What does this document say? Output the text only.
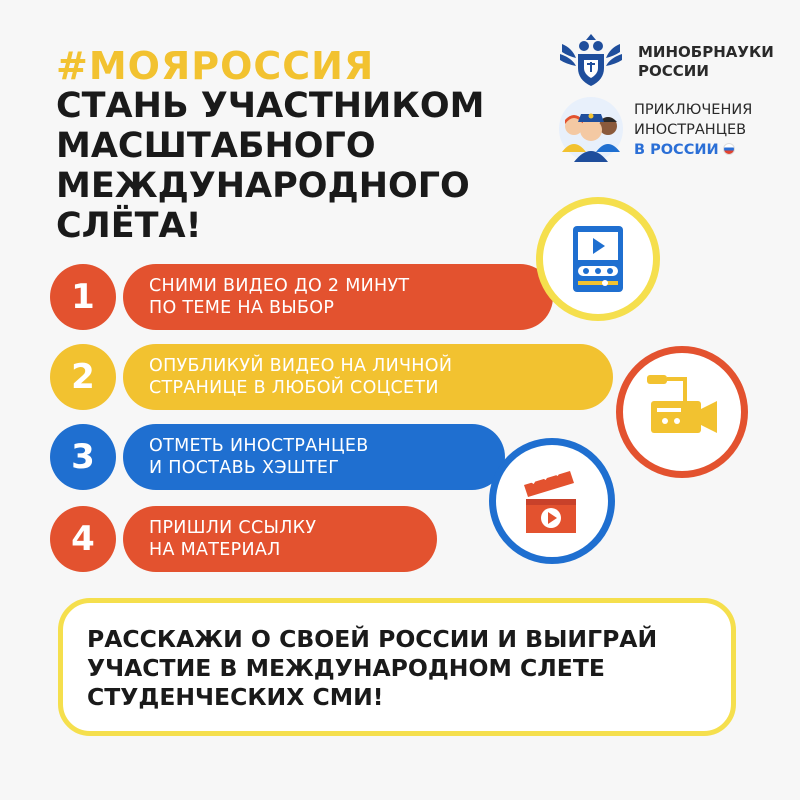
#МОЯРОССИЯ
СТАНЬ УЧАСТНИКОМ
МАСШТАБНОГО
МЕЖДУНАРОДНОГО
СЛЁТА!
МИНОБРНАУКИ
РОССИИ
ПРИКЛЮЧЕНИЯ
ИНОСТРАНЦЕВ
В РОССИИ
1	СНИМИ ВИДЕО ДО 2 МИНУТ
ПО ТЕМЕ НА ВЫБОР
2	ОПУБЛИКУЙ ВИДЕО НА ЛИЧНОЙ
СТРАНИЦЕ В ЛЮБОЙ СОЦСЕТИ
3	ОТМЕТЬ ИНОСТРАНЦЕВ
И ПОСТАВЬ ХЭШТЕГ
4	ПРИШЛИ ССЫЛКУ
НА МАТЕРИАЛ
РАССКАЖИ О СВОЕЙ РОССИИ И ВЫИГРАЙ
УЧАСТИЕ В МЕЖДУНАРОДНОМ СЛЕТЕ
СТУДЕНЧЕСКИХ СМИ!
